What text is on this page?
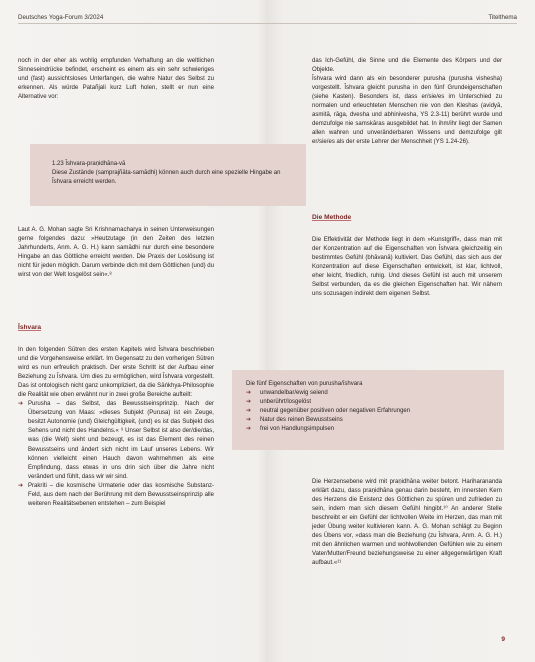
Deutsches Yoga-Forum 3/2024	Titelthema

noch in der eher als wohlig empfunden Verhaftung an die weltlichen Sinneseindrücke befindet, erscheint es einem als ein sehr schwieriges und (fast) aussichtsloses Unterfangen, die wahre Natur des Selbst zu erkennen. Als würde Patañjali kurz Luft holen, stellt er nun eine Alternative vor:

1.23 Īshvara-praṇidhāna-vā
Diese Zustände (samprajñāta-samādhi) können auch durch eine spezielle Hingabe an Īshvara erreicht werden.

Laut A. G. Mohan sagte Sri Krishnamacharya in seinen Unterweisungen gerne folgendes dazu: »Heutzutage (in den Zeiten des letzten Jahrhunderts, Anm. A. G. H.) kann samādhi nur durch eine besondere Hingabe an das Göttliche erreicht werden. Die Praxis der Loslösung ist nicht für jeden möglich. Darum verbinde dich mit dem Göttlichen (und) du wirst von der Welt losgelöst sein«.⁸

Īshvara

In den folgenden Sūtren des ersten Kapitels wird Īshvara beschrieben und die Vorgehensweise erklärt. Im Gegensatz zu den vorherigen Sūtren wird es nun erfreulich praktisch. Der erste Schritt ist der Aufbau einer Beziehung zu Īshvara. Um dies zu ermöglichen, wird Īshvara vorgestellt. Das ist ontologisch nicht ganz unkompliziert, da die Sāṅkhya-Philosophie die Realität wie oben erwähnt nur in zwei große Bereiche aufteilt:

➔ Purusha – das Selbst, das Bewusstseinsprinzip. Nach der Übersetzung von Maas: »dieses Subjekt (Purusa) ist ein Zeuge, besitzt Autonomie (und) Gleichgültigkeit, (und) es ist das Subjekt des Sehens und nicht des Handelns.« ⁹ Unser Selbst ist also der/die/das, was (die Welt) sieht und bezeugt, es ist das Element des reinen Bewusstseins und ändert sich nicht im Lauf unseres Lebens. Wir können vielleicht einen Hauch davon wahrnehmen als eine Empfindung, dass etwas in uns drin sich über die Jahre nicht verändert und fühlt, dass wir wir sind.
➔ Prakriti – die kosmische Urmaterie oder das kosmische Substanz-Feld, aus dem nach der Berührung mit dem Bewusstseinsprinzip alle weiteren Realitätsebenen entstehen – zum Beispiel

das Ich-Gefühl, die Sinne und die Elemente des Körpers und der Objekte.

Īshvara wird dann als ein besonderer purusha (purusha vishesha) vorgestellt. Īshvara gleicht purusha in den fünf Grundeigenschaften (siehe Kasten). Besonders ist, dass er/sie/es im Unterschied zu normalen und erleuchteten Menschen nie von den Kleshas (avidyā, asmitā, rāga, dvesha und abhinivesha, YS 2.3-11) berührt wurde und demzufolge nie samskāras ausgebildet hat. In ihm/ihr liegt der Samen allen wahren und unveränderbaren Wissens und demzufolge gilt er/sie/es als der erste Lehrer der Menschheit (YS 1.24-26).

Die Methode

Die Effektivität der Methode liegt in dem »Kunstgriff«, dass man mit der Konzentration auf die Eigenschaften von Īshvara gleichzeitig ein bestimmtes Gefühl (bhāvanā) kultiviert. Das Gefühl, das sich aus der Konzentration auf diese Eigenschaften entwickelt, ist klar, lichtvoll, eher leicht, friedlich, ruhig. Und dieses Gefühl ist auch mit unserem Selbst verbunden, da es die gleichen Eigenschaften hat. Wir nähern uns sozusagen indirekt dem eigenen Selbst.

Die fünf Eigenschaften von purusha/īshvara
➔ unwandelbar/ewig seiend
➔ unberührt/losgelöst
➔ neutral gegenüber positiven oder negativen Erfahrungen
➔ Natur des reinen Bewusstseins
➔ frei von Handlungsimpulsen

Die Herzensebene wird mit praṇidhāna weiter betont. Hariharananda erklärt dazu, dass praṇidhāna genau darin besteht, im innersten Kern des Herzens die Existenz des Göttlichen zu spüren und zufrieden zu sein, indem man sich diesem Gefühl hingibt.¹⁰ An anderer Stelle beschreibt er ein Gefühl der lichtvollen Weite im Herzen, das man mit jeder Übung weiter kultivieren kann. A. G. Mohan schlägt zu Beginn des Übens vor, »dass man die Beziehung (zu Īshvara, Anm. A. G. H.) mit den ähnlichen warmen und wohlwollenden Gefühlen wie zu einem Vater/Mutter/Freund beziehungsweise zu einer allgegenwärtigen Kraft aufbaut.«¹¹

9
